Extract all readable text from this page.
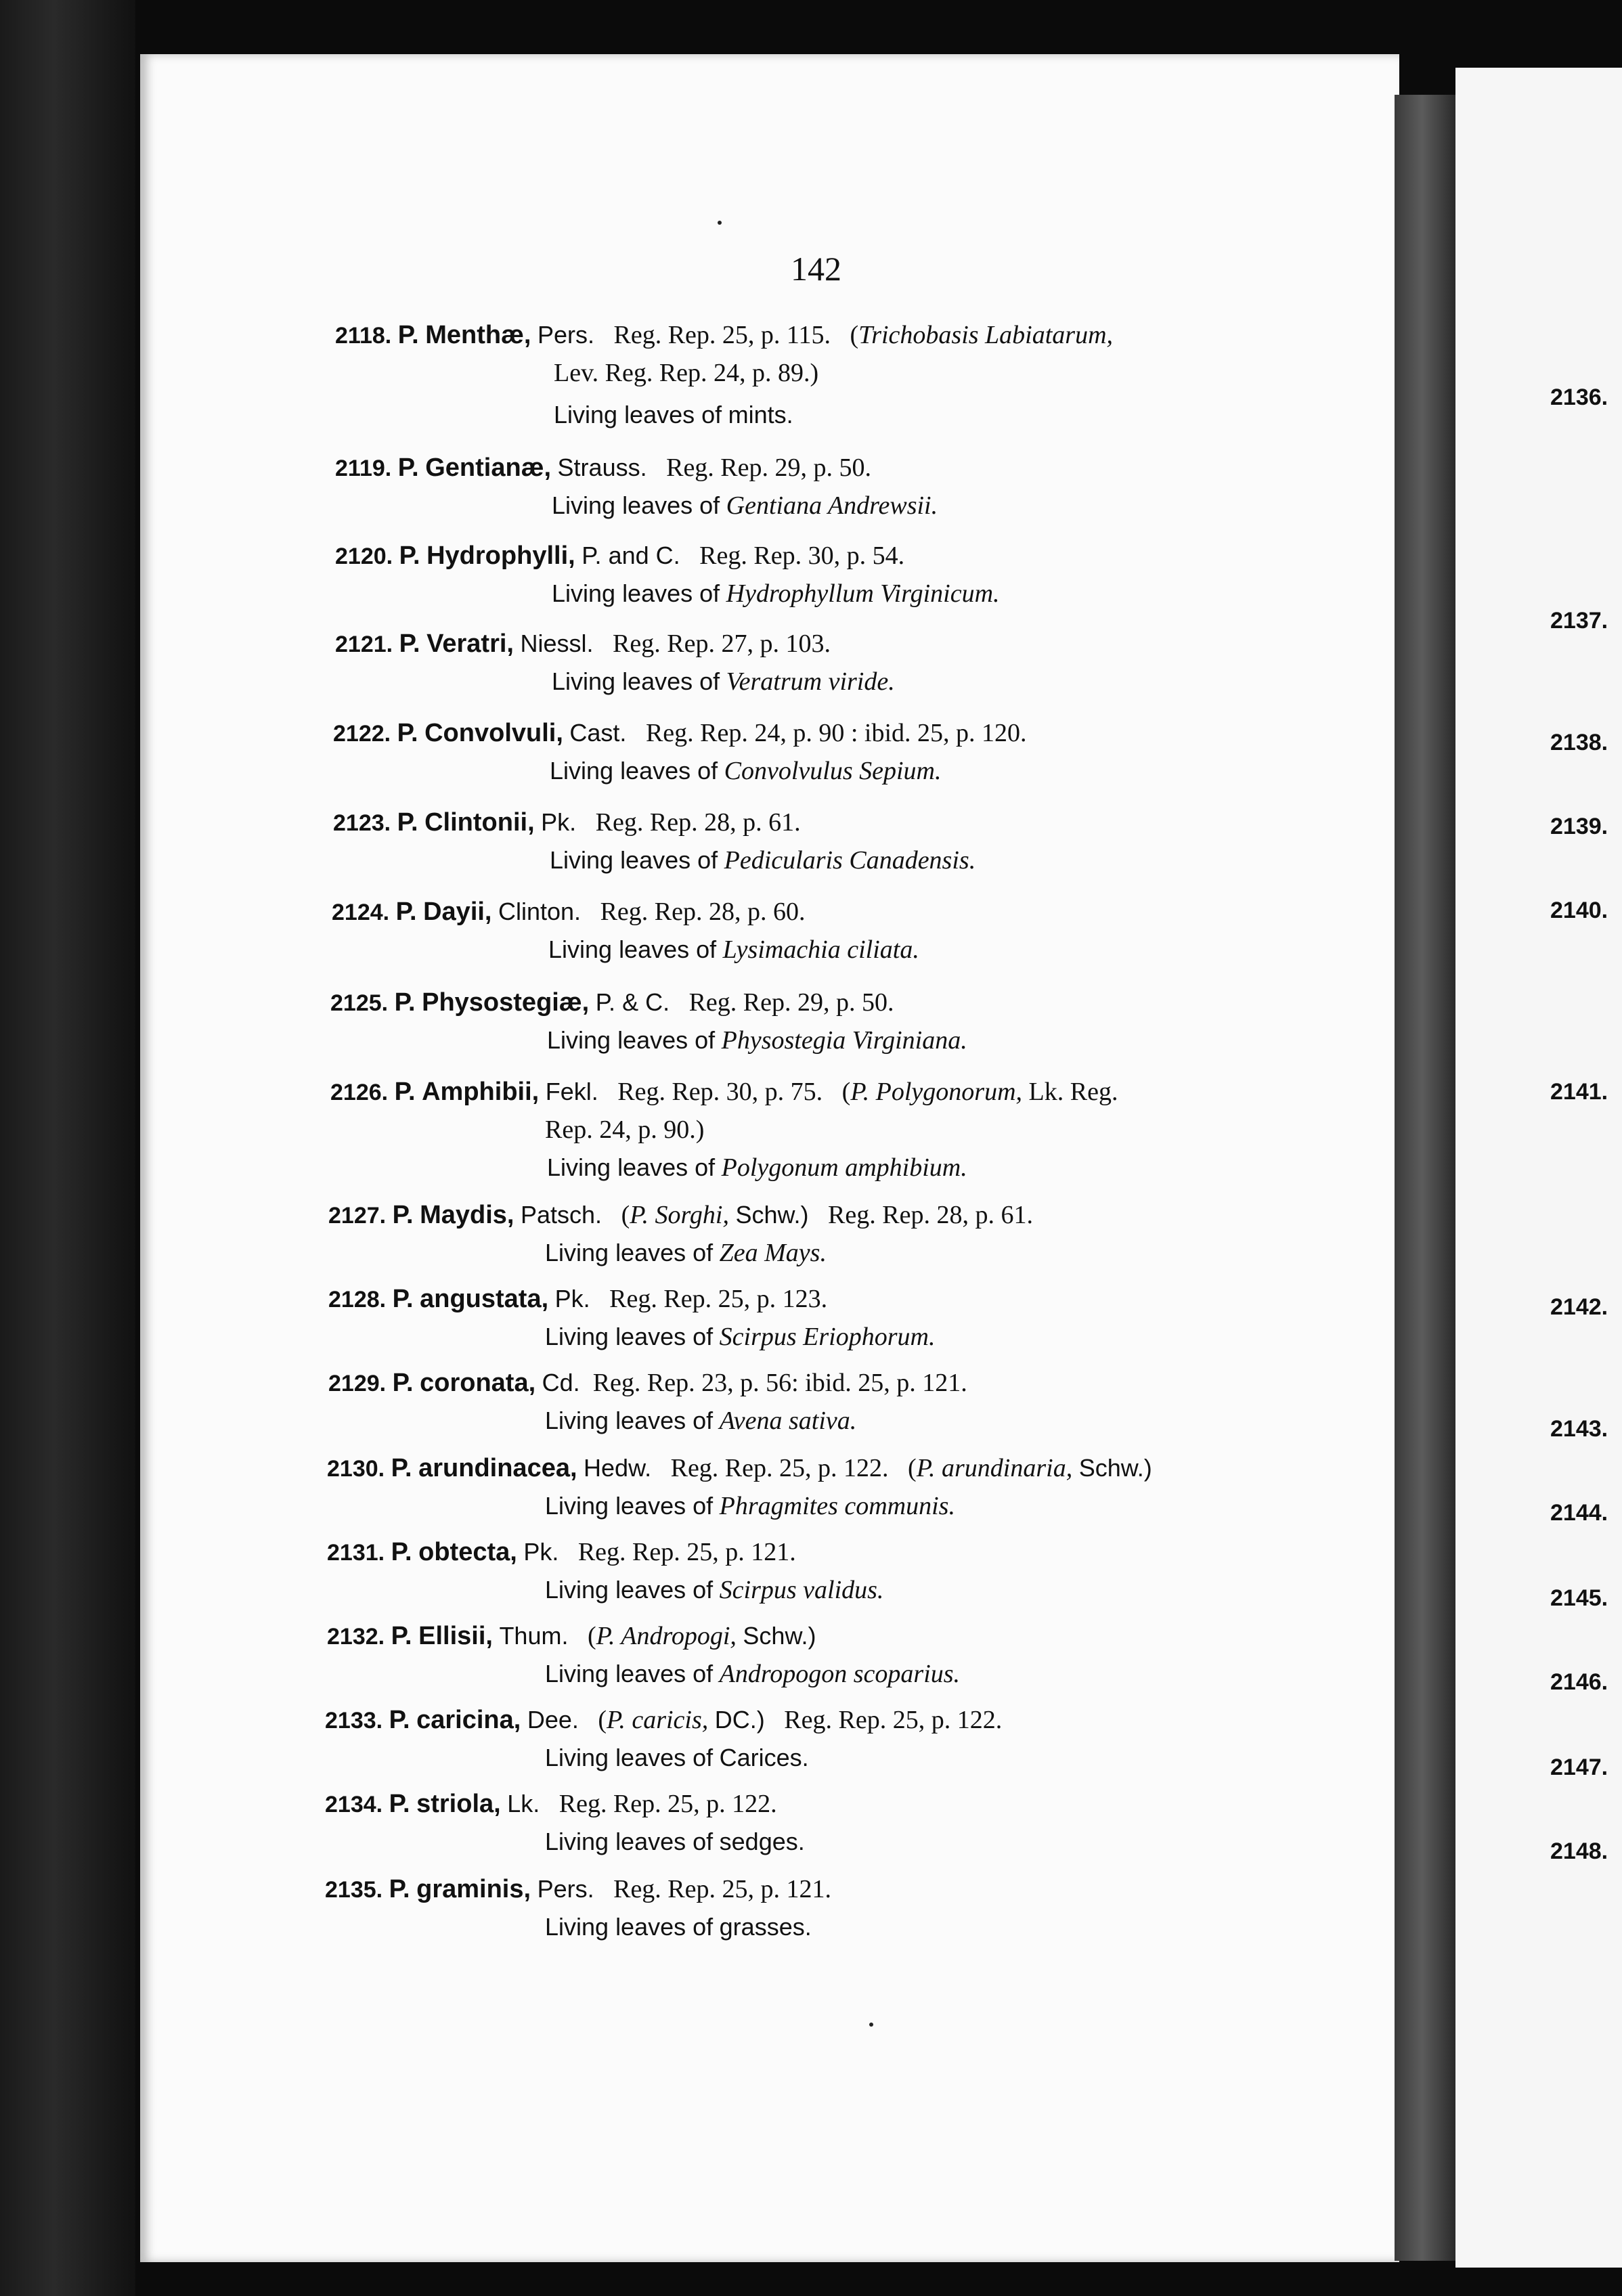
142
2118. P. Menthæ, Pers. Reg. Rep. 25, p. 115. (Trichobasis Labiatarum,
Lev. Reg. Rep. 24, p. 89.)
Living leaves of mints.
2119. P. Gentianæ, Strauss. Reg. Rep. 29, p. 50.
Living leaves of Gentiana Andrewsii.
2120. P. Hydrophylli, P. and C. Reg. Rep. 30, p. 54.
Living leaves of Hydrophyllum Virginicum.
2121. P. Veratri, Niessl. Reg. Rep. 27, p. 103.
Living leaves of Veratrum viride.
2122. P. Convolvuli, Cast. Reg. Rep. 24, p. 90 : ibid. 25, p. 120.
Living leaves of Convolvulus Sepium.
2123. P. Clintonii, Pk. Reg. Rep. 28, p. 61.
Living leaves of Pedicularis Canadensis.
2124. P. Dayii, Clinton. Reg. Rep. 28, p. 60.
Living leaves of Lysimachia ciliata.
2125. P. Physostegiæ, P. & C. Reg. Rep. 29, p. 50.
Living leaves of Physostegia Virginiana.
2126. P. Amphibii, Fekl. Reg. Rep. 30, p. 75. (P. Polygonorum, Lk. Reg.
Rep. 24, p. 90.)
Living leaves of Polygonum amphibium.
2127. P. Maydis, Patsch. (P. Sorghi, Schw.) Reg. Rep. 28, p. 61.
Living leaves of Zea Mays.
2128. P. angustata, Pk. Reg. Rep. 25, p. 123.
Living leaves of Scirpus Eriophorum.
2129. P. coronata, Cd. Reg. Rep. 23, p. 56: ibid. 25, p. 121.
Living leaves of Avena sativa.
2130. P. arundinacea, Hedw. Reg. Rep. 25, p. 122. (P. arundinaria, Schw.)
Living leaves of Phragmites communis.
2131. P. obtecta, Pk. Reg. Rep. 25, p. 121.
Living leaves of Scirpus validus.
2132. P. Ellisii, Thum. (P. Andropogi, Schw.)
Living leaves of Andropogon scoparius.
2133. P. caricina, Dee. (P. caricis, DC.) Reg. Rep. 25, p. 122.
Living leaves of Carices.
2134. P. striola, Lk. Reg. Rep. 25, p. 122.
Living leaves of sedges.
2135. P. graminis, Pers. Reg. Rep. 25, p. 121.
Living leaves of grasses.
2136.
2137.
2138.
2139.
2140.
2141.
2142.
2143.
2144.
2145.
2146.
2147.
2148.
